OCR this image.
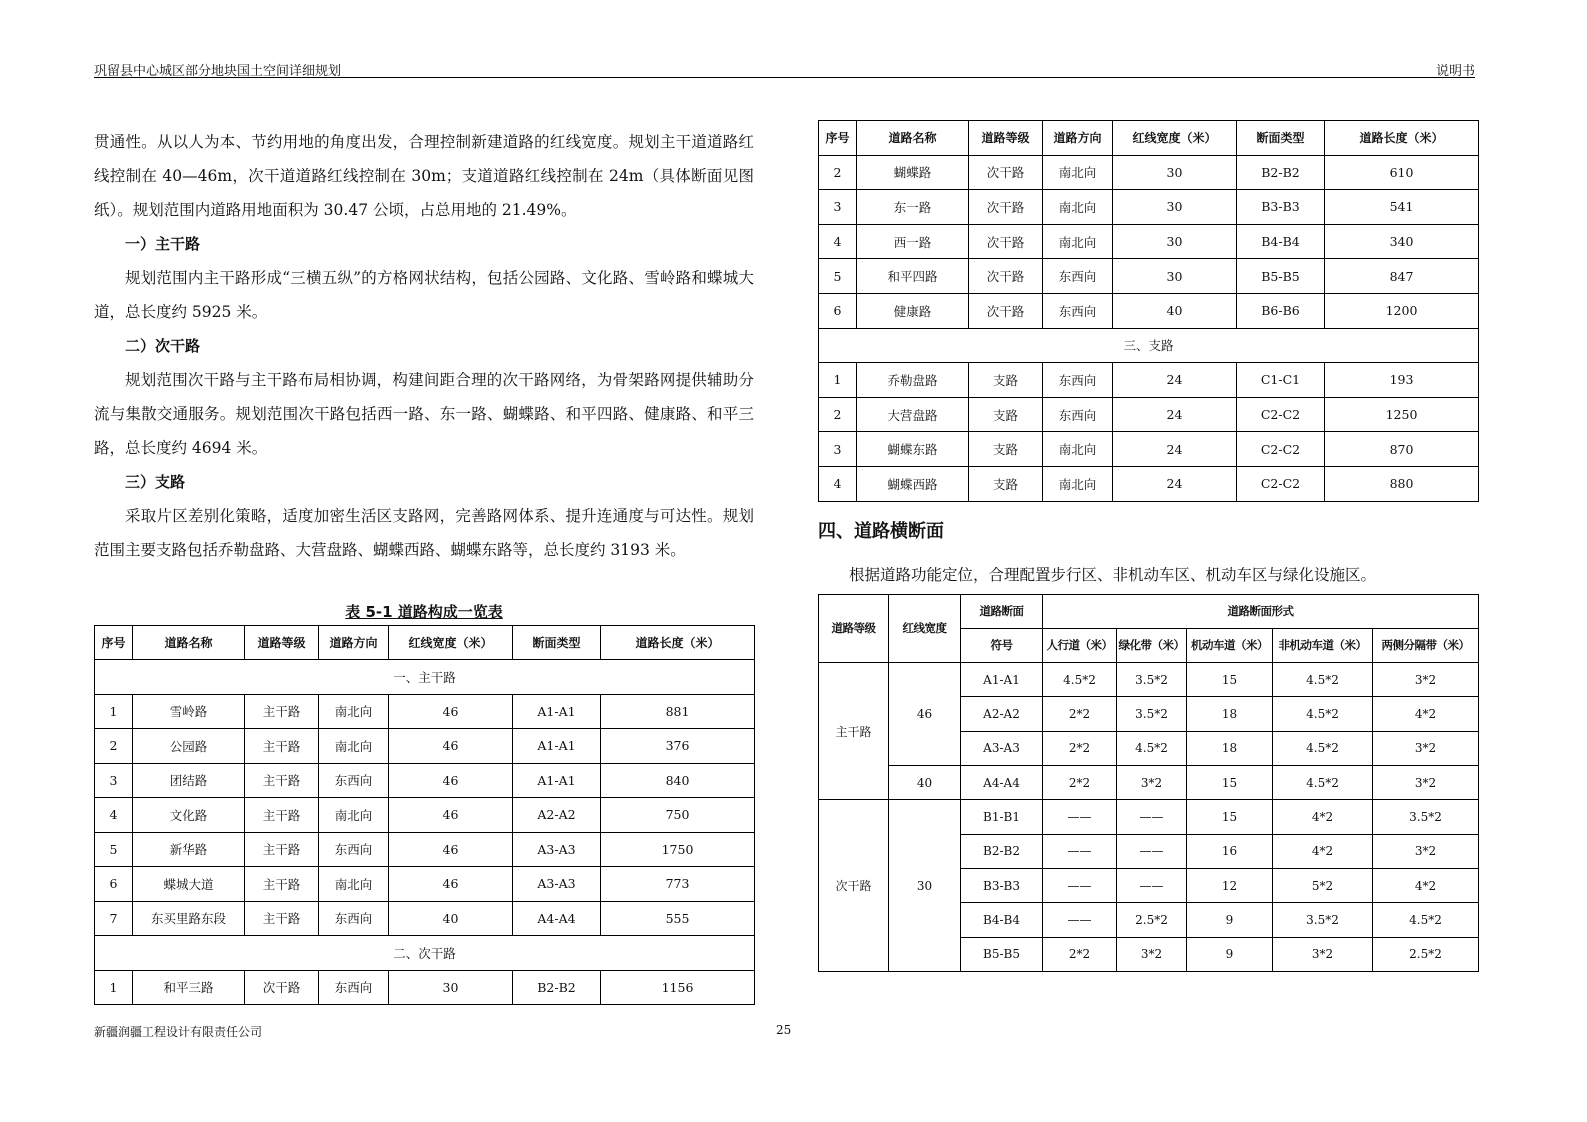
巩留县中心城区部分地块国土空间详细规划	说明书

贯通性。从以人为本、节约用地的角度出发，合理控制新建道路的红线宽度。规划主干道道路红线控制在 40—46m，次干道道路红线控制在 30m；支道道路红线控制在 24m（具体断面见图纸）。规划范围内道路用地面积为 30.47 公顷，占总用地的 21.49%。

一）主干路

规划范围内主干路形成“三横五纵”的方格网状结构，包括公园路、文化路、雪岭路和蝶城大道，总长度约 5925 米。

二）次干路

规划范围次干路与主干路布局相协调，构建间距合理的次干路网络，为骨架路网提供辅助分流与集散交通服务。规划范围次干路包括西一路、东一路、蝴蝶路、和平四路、健康路、和平三路，总长度约 4694 米。

三）支路

采取片区差别化策略，适度加密生活区支路网，完善路网体系、提升连通度与可达性。规划范围主要支路包括乔勒盘路、大营盘路、蝴蝶西路、蝴蝶东路等，总长度约 3193 米。

表 5-1 道路构成一览表
序号	道路名称	道路等级	道路方向	红线宽度（米）	断面类型	道路长度（米）
一、主干路						
1	雪岭路	主干路	南北向	46	A1-A1	881
2	公园路	主干路	南北向	46	A1-A1	376
3	团结路	主干路	东西向	46	A1-A1	840
4	文化路	主干路	南北向	46	A2-A2	750
5	新华路	主干路	东西向	46	A3-A3	1750
6	蝶城大道	主干路	南北向	46	A3-A3	773
7	东买里路东段	主干路	东西向	40	A4-A4	555
二、次干路						
1	和平三路	次干路	东西向	30	B2-B2	1156
序号	道路名称	道路等级	道路方向	红线宽度（米）	断面类型	道路长度（米）
2	蝴蝶路	次干路	南北向	30	B2-B2	610
3	东一路	次干路	南北向	30	B3-B3	541
4	西一路	次干路	南北向	30	B4-B4	340
5	和平四路	次干路	东西向	30	B5-B5	847
6	健康路	次干路	东西向	40	B6-B6	1200
三、支路						
1	乔勒盘路	支路	东西向	24	C1-C1	193
2	大营盘路	支路	东西向	24	C2-C2	1250
3	蝴蝶东路	支路	南北向	24	C2-C2	870
4	蝴蝶西路	支路	南北向	24	C2-C2	880
四、道路横断面

根据道路功能定位，合理配置步行区、非机动车区、机动车区与绿化设施区。

道路等级	红线宽度	道路断面	道路断面形式				
		符号	人行道（米）	绿化带（米）	机动车道（米）	非机动车道（米）	两侧分隔带（米）
主干路	46	A1-A1	4.5*2	3.5*2	15	4.5*2	3*2
		A2-A2	2*2	3.5*2	18	4.5*2	4*2
		A3-A3	2*2	4.5*2	18	4.5*2	3*2
	40	A4-A4	2*2	3*2	15	4.5*2	3*2
次干路	30	B1-B1	——	——	15	4*2	3.5*2
		B2-B2	——	——	16	4*2	3*2
		B3-B3	——	——	12	5*2	4*2
		B4-B4	——	2.5*2	9	3.5*2	4.5*2
		B5-B5	2*2	3*2	9	3*2	2.5*2
新疆润疆工程设计有限责任公司	25
